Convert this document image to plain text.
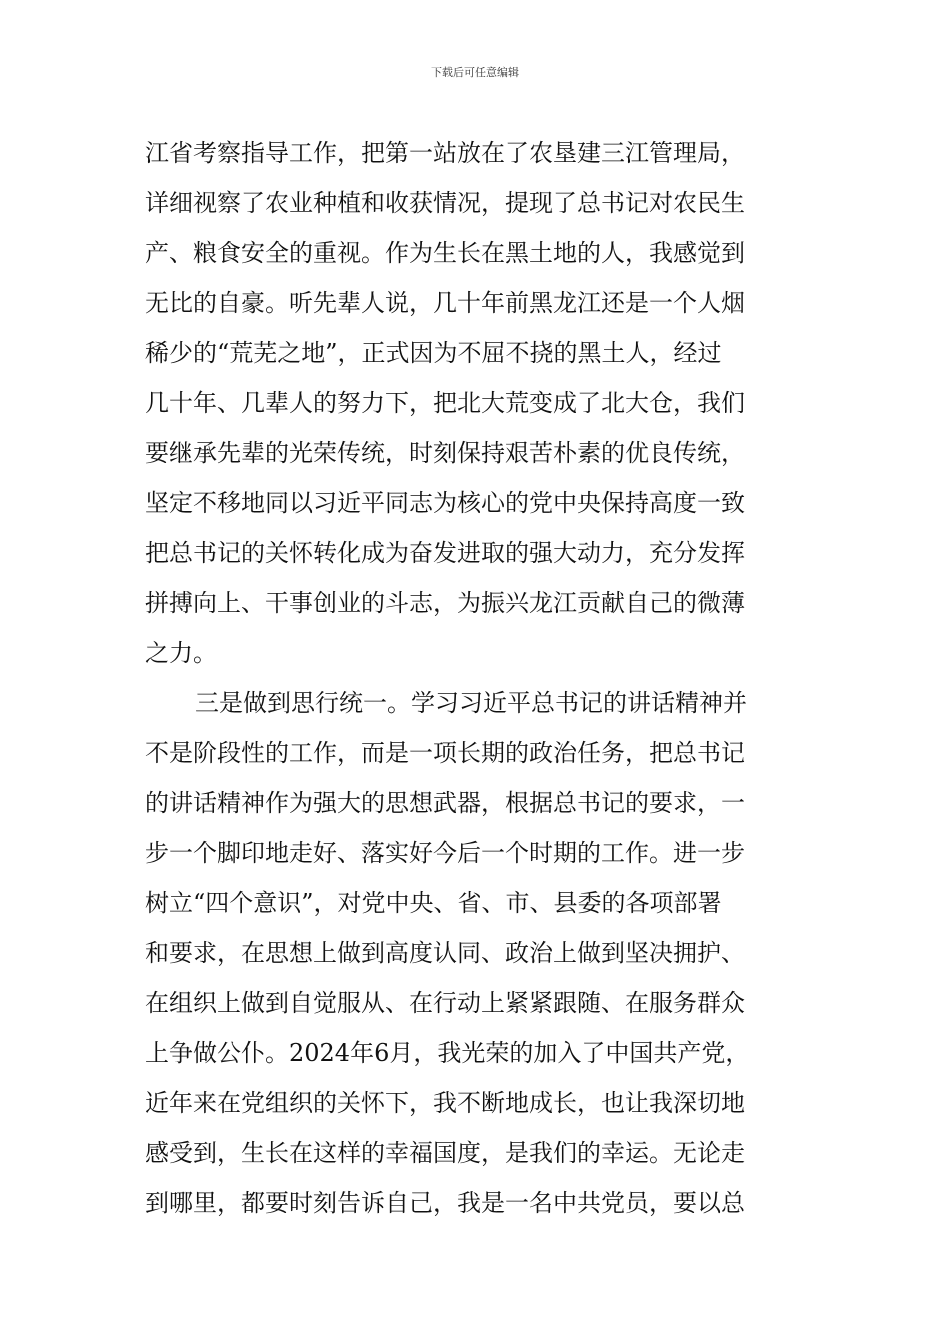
下载后可任意编辑
江省考察指导工作，把第一站放在了农垦建三江管理局，
详细视察了农业种植和收获情况，提现了总书记对农民生
产、粮食安全的重视。作为生长在黑土地的人，我感觉到
无比的自豪。听先辈人说，几十年前黑龙江还是一个人烟
稀少的“荒芜之地”，正式因为不屈不挠的黑土人，经过
几十年、几辈人的努力下，把北大荒变成了北大仓，我们
要继承先辈的光荣传统，时刻保持艰苦朴素的优良传统，
坚定不移地同以习近平同志为核心的党中央保持高度一致
把总书记的关怀转化成为奋发进取的强大动力，充分发挥
拼搏向上、干事创业的斗志，为振兴龙江贡献自己的微薄
之力。
三是做到思行统一。学习习近平总书记的讲话精神并
不是阶段性的工作，而是一项长期的政治任务，把总书记
的讲话精神作为强大的思想武器，根据总书记的要求，一
步一个脚印地走好、落实好今后一个时期的工作。进一步
树立“四个意识”，对党中央、省、市、县委的各项部署
和要求，在思想上做到高度认同、政治上做到坚决拥护、
在组织上做到自觉服从、在行动上紧紧跟随、在服务群众
上争做公仆。2024年6月，我光荣的加入了中国共产党，
近年来在党组织的关怀下，我不断地成长，也让我深切地
感受到，生长在这样的幸福国度，是我们的幸运。无论走
到哪里，都要时刻告诉自己，我是一名中共党员，要以总
